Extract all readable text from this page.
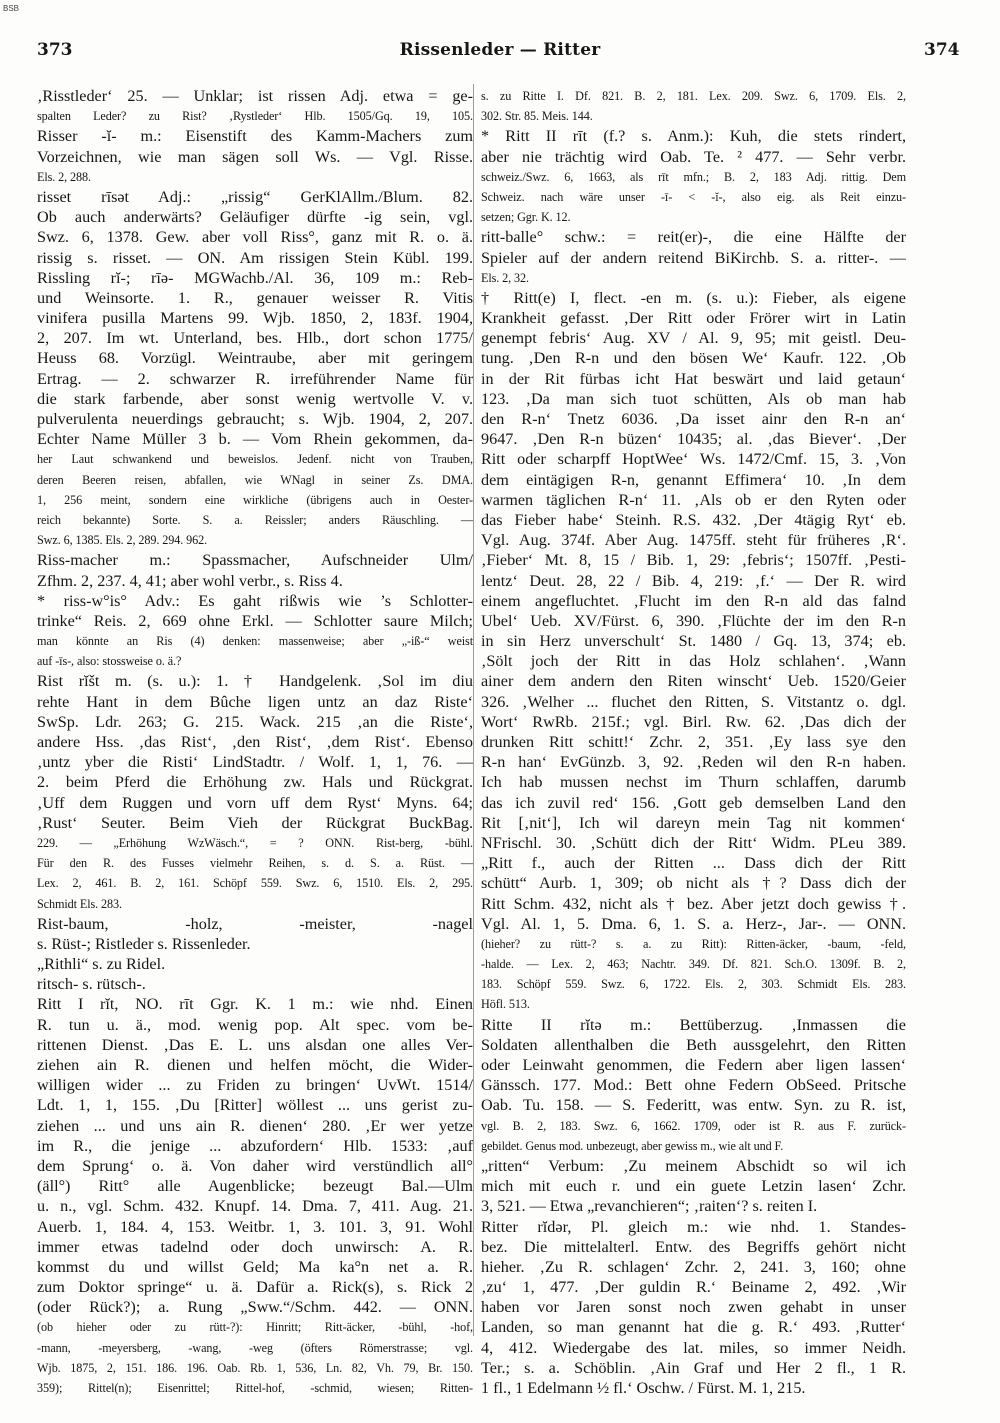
BSB
373	Rissenleder — Ritter	374
‚Risstleder‘ 25. — Unklar; ist rissen Adj. etwa = ge-
spalten Leder? zu Rist? ‚Rystleder‘ Hlb. 1505/Gq. 19, 105.
Risser -ĭ- m.: Eisenstift des Kamm-Machers zum
Vorzeichnen, wie man sägen soll Ws. — Vgl. Risse.
Els. 2, 288.
risset rīsət Adj.: „rissig“ GerKlAllm./Blum. 82.
Ob auch anderwärts? Geläufiger dürfte -ig sein, vgl.
Swz. 6, 1378. Gew. aber voll Riss°, ganz mit R. o. ä.
rissig s. risset. — ON. Am rissigen Stein Kübl. 199.
Rissling rĭ-; rīə- MGWachb./Al. 36, 109 m.: Reb-
und Weinsorte. 1. R., genauer weisser R. Vitis
vinifera pusilla Martens 99. Wjb. 1850, 2, 183f. 1904,
2, 207. Im wt. Unterland, bes. Hlb., dort schon 1775/
Heuss 68. Vorzügl. Weintraube, aber mit geringem
Ertrag. — 2. schwarzer R. irreführender Name für
die stark farbende, aber sonst wenig wertvolle V. v.
pulverulenta neuerdings gebraucht; s. Wjb. 1904, 2, 207.
Echter Name Müller 3 b. — Vom Rhein gekommen, da-
her Laut schwankend und beweislos. Jedenf. nicht von Trauben,
deren Beeren reisen, abfallen, wie WNagl in seiner Zs. DMA.
1, 256 meint, sondern eine wirkliche (übrigens auch in Oester-
reich bekannte) Sorte. S. a. Reissler; anders Räuschling. —
Swz. 6, 1385. Els. 2, 289. 294. 962.
Riss-macher m.: Spassmacher, Aufschneider Ulm/
Zfhm. 2, 237. 4, 41; aber wohl verbr., s. Riss 4.
* riss-w°is° Adv.: Es gaht rißwis wie ’s Schlotter-
trinke“ Reis. 2, 669 ohne Erkl. — Schlotter saure Milch;
man könnte an Ris (4) denken: massenweise; aber „-iß-“ weist
auf -īs-, also: stossweise o. ä.?
Rist rĭšt m. (s. u.): 1. † Handgelenk. ‚Sol im diu
rehte Hant in dem Bûche ligen untz an daz Riste‘
SwSp. Ldr. 263; G. 215. Wack. 215 ‚an die Riste‘,
andere Hss. ‚das Rist‘, ‚den Rist‘, ‚dem Rist‘. Ebenso
‚untz yber die Risti‘ LindStadtr. / Wolf. 1, 1, 76. —
2. beim Pferd die Erhöhung zw. Hals und Rückgrat.
‚Uff dem Ruggen und vorn uff dem Ryst‘ Myns. 64;
‚Rust‘ Seuter. Beim Vieh der Rückgrat BuckBag.
229. — „Erhöhung WzWäsch.“, = ? ONN. Rist-berg, -bühl.
Für den R. des Fusses vielmehr Reihen, s. d. S. a. Rüst. —
Lex. 2, 461. B. 2, 161. Schöpf 559. Swz. 6, 1510. Els. 2, 295.
Schmidt Els. 283.
Rist-baum, -holz, -meister, -nagel
s. Rüst-; Ristleder s. Rissenleder.
„Rithli“ s. zu Ridel.
ritsch- s. rütsch-.
Ritt I rĭt, NO. rīt Ggr. K. 1 m.: wie nhd. Einen
R. tun u. ä., mod. wenig pop. Alt spec. vom be-
rittenen Dienst. ‚Das E. L. uns alsdan one alles Ver-
ziehen ain R. dienen und helfen möcht, die Wider-
willigen wider ... zu Friden zu bringen‘ UvWt. 1514/
Ldt. 1, 1, 155. ‚Du [Ritter] wöllest ... uns gerist zu-
ziehen ... und uns ain R. dienen‘ 280. ‚Er wer yetze
im R., die jenige ... abzufordern‘ Hlb. 1533: ‚auf
dem Sprung‘ o. ä. Von daher wird verstündlich all°
(äll°) Ritt° alle Augenblicke; bezeugt Bal.—Ulm
u. n., vgl. Schm. 432. Knupf. 14. Dma. 7, 411. Aug. 21.
Auerb. 1, 184. 4, 153. Weitbr. 1, 3. 101. 3, 91. Wohl
immer etwas tadelnd oder doch unwirsch: A. R.
kommst du und willst Geld; Ma ka°n net a. R.
zum Doktor springe“ u. ä. Dafür a. Rick(s), s. Rick 2
(oder Rück?); a. Rung „Sww.“/Schm. 442. — ONN.
(ob hieher oder zu rütt-?): Hinritt; Ritt-äcker, -bühl, -hof,
-mann, -meyersberg, -wang, -weg (öfters Römerstrasse; vgl.
Wjb. 1875, 2, 151. 186. 196. Oab. Rb. 1, 536, Ln. 82, Vh. 79, Br. 150.
359); Rittel(n); Eisenrittel; Rittel-hof, -schmid, wiesen; Ritten-
s. zu Ritte I. Df. 821. B. 2, 181. Lex. 209. Swz. 6, 1709. Els. 2,
302. Str. 85. Meis. 144.
* Ritt II rīt (f.? s. Anm.): Kuh, die stets rindert,
aber nie trächtig wird Oab. Te. ² 477. — Sehr verbr.
schweiz./Swz. 6, 1663, als rīt mfn.; B. 2, 183 Adj. rittig. Dem
Schweiz. nach wäre unser -ī- < -ĭ-, also eig. als Reit einzu-
setzen; Ggr. K. 12.
ritt-balle° schw.: = reit(er)-, die eine Hälfte der
Spieler auf der andern reitend BiKirchb. S. a. ritter-. —
Els. 2, 32.
† Ritt(e) I, flect. -en m. (s. u.): Fieber, als eigene
Krankheit gefasst. ‚Der Ritt oder Frörer wirt in Latin
genempt febris‘ Aug. XV / Al. 9, 95; mit geistl. Deu-
tung. ‚Den R-n und den bösen We‘ Kaufr. 122. ‚Ob
in der Rit fürbas icht Hat beswärt und laid getaun‘
123. ‚Da man sich tuot schütten, Als ob man hab
den R-n‘ Tnetz 6036. ‚Da isset ainr den R-n an‘
9647. ‚Den R-n büzen‘ 10435; al. ‚das Biever‘. ‚Der
Ritt oder scharpff HoptWee‘ Ws. 1472/Cmf. 15, 3. ‚Von
dem eintägigen R-n, genannt Effimera‘ 10. ‚In dem
warmen täglichen R-n‘ 11. ‚Als ob er den Ryten oder
das Fieber habe‘ Steinh. R.S. 432. ‚Der 4tägig Ryt‘ eb.
Vgl. Aug. 374f. Aber Aug. 1475ff. steht für früheres ‚R‘.
‚Fieber‘ Mt. 8, 15 / Bib. 1, 29: ‚febris‘; 1507ff. ‚Pesti-
lentz‘ Deut. 28, 22 / Bib. 4, 219: ‚f.‘ — Der R. wird
einem angefluchtet. ‚Flucht im den R-n ald das falnd
Ubel‘ Ueb. XV/Fürst. 6, 390. ‚Flüchte der im den R-n
in sin Herz unverschult‘ St. 1480 / Gq. 13, 374; eb.
‚Sölt joch der Ritt in das Holz schlahen‘. ‚Wann
ainer dem andern den Riten winscht‘ Ueb. 1520/Geier
326. ‚Welher ... fluchet den Ritten, S. Vitstantz o. dgl.
Wort‘ RwRb. 215f.; vgl. Birl. Rw. 62. ‚Das dich der
drunken Ritt schitt!‘ Zchr. 2, 351. ‚Ey lass sye den
R-n han‘ EvGünzb. 3, 92. ‚Reden wil den R-n haben.
Ich hab mussen nechst im Thurn schlaffen, darumb
das ich zuvil red‘ 156. ‚Gott geb demselben Land den
Rit [‚nit‘], Ich wil dareyn mein Tag nit kommen‘
NFrischl. 30. ‚Schütt dich der Ritt‘ Widm. PLeu 389.
„Ritt f., auch der Ritten ... Dass dich der Ritt
schütt“ Aurb. 1, 309; ob nicht als †? Dass dich der
Ritt Schm. 432, nicht als † bez. Aber jetzt doch gewiss †.
Vgl. Al. 1, 5. Dma. 6, 1. S. a. Herz-, Jar-. — ONN.
(hieher? zu rütt-? s. a. zu Ritt): Ritten-äcker, -baum, -feld,
-halde. — Lex. 2, 463; Nachtr. 349. Df. 821. Sch.O. 1309f. B. 2,
183. Schöpf 559. Swz. 6, 1722. Els. 2, 303. Schmidt Els. 283.
Höfl. 513.
Ritte II rĭtə m.: Bettüberzug. ‚Inmassen die
Soldaten allenthalben die Beth aussgelehrt, den Ritten
oder Leinwaht genommen, die Federn aber ligen lassen‘
Gänssch. 177. Mod.: Bett ohne Federn ObSeed. Pritsche
Oab. Tu. 158. — S. Federitt, was entw. Syn. zu R. ist,
vgl. B. 2, 183. Swz. 6, 1662. 1709, oder ist R. aus F. zurück-
gebildet. Genus mod. unbezeugt, aber gewiss m., wie alt und F.
„ritten“ Verbum: ‚Zu meinem Abschidt so wil ich
mich mit euch r. und ein guete Letzin lasen‘ Zchr.
3, 521. — Etwa „revanchieren“; ‚raiten‘? s. reiten I.
Ritter rĭdər, Pl. gleich m.: wie nhd. 1. Standes-
bez. Die mittelalterl. Entw. des Begriffs gehört nicht
hieher. ‚Zu R. schlagen‘ Zchr. 2, 241. 3, 160; ohne
‚zu‘ 1, 477. ‚Der guldin R.‘ Beiname 2, 492. ‚Wir
haben vor Jaren sonst noch zwen gehabt in unser
Landen, so man genannt hat die g. R.‘ 493. ‚Rutter‘
4, 412. Wiedergabe des lat. miles, so immer Neidh.
Ter.; s. a. Schöblin. ‚Ain Graf und Her 2 fl., 1 R.
1 fl., 1 Edelmann ½ fl.‘ Oschw. / Fürst. M. 1, 215.
